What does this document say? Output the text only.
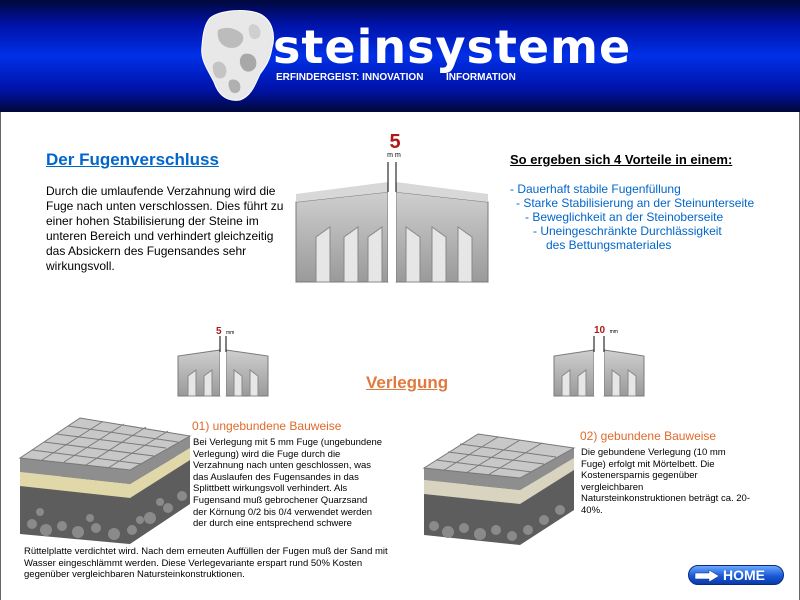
steinsysteme
ERFINDERGEIST: INNOVATION INFORMATION
Der Fugenverschluss
Durch die umlaufende Verzahnung wird die Fuge nach unten verschlossen. Dies führt zu einer hohen Stabilisierung der Steine im unteren Bereich und verhindert gleichzeitig das Absickern des Fugensandes sehr wirkungsvoll.
5
mm	So ergeben sich 4 Vorteile in einem:
- Dauerhaft stabile Fugenfüllung
- Starke Stabilisierung an der Steinunterseite
- Beweglichkeit an der Steinoberseite
- Uneingeschränkte Durchlässigkeit
des Bettungsmateriales
5 mm	10 mm
Verlegung
01) ungebundene Bauweise
Bei Verlegung mit 5 mm Fuge (ungebundene Verlegung) wird die Fuge durch die Verzahnung nach unten geschlossen, was das Auslaufen des Fugensandes in das Splittbett wirkungsvoll verhindert. Als Fugensand muß gebrochener Quarzsand der Körnung 0/2 bis 0/4 verwendet werden der durch eine entsprechend schwere
Rüttelplatte verdichtet wird. Nach dem erneuten Auffüllen der Fugen muß der Sand mit Wasser eingeschlämmt werden. Diese Verlegevariante erspart rund 50% Kosten gegenüber vergleichbaren Natursteinkonstruktionen.
02) gebundene Bauweise
Die gebundene Verlegung (10 mm Fuge) erfolgt mit Mörtelbett. Die Kostenersparnis gegenüber vergleichbaren Natursteinkonstruktionen beträgt ca. 20-40%.
HOME
